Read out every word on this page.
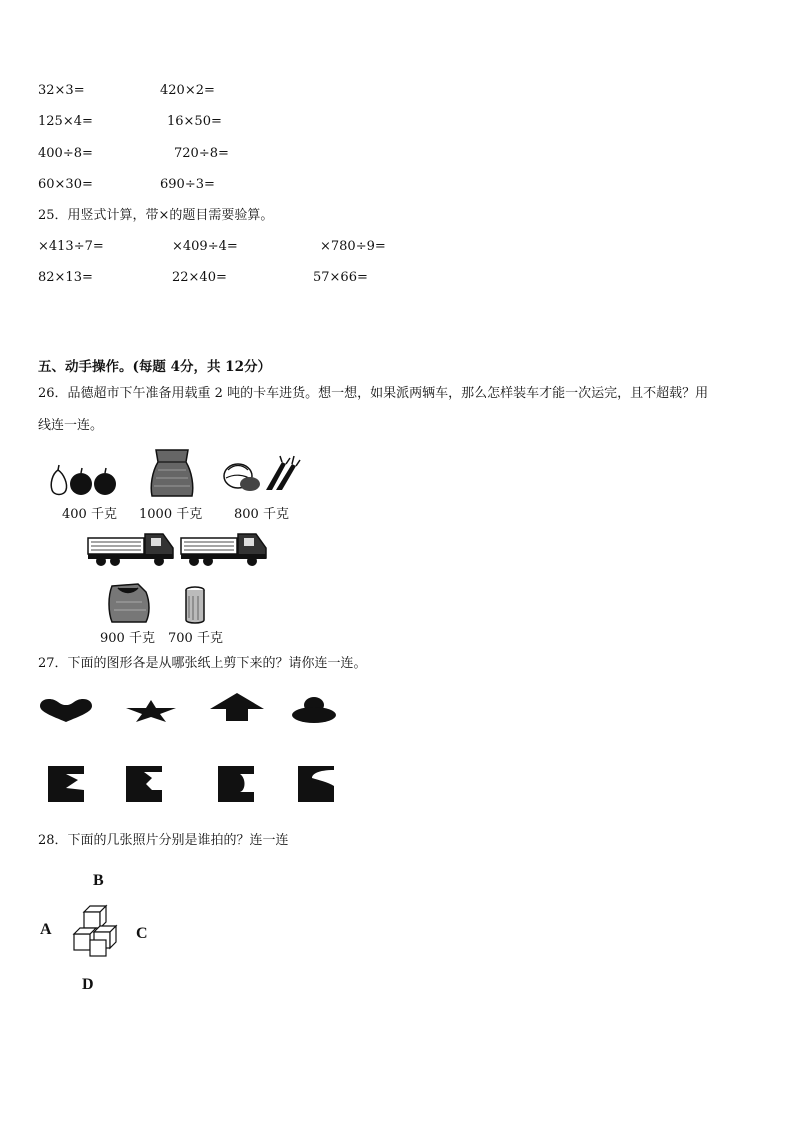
32×3=	420×2=
125×4=	16×50=
400÷8=	720÷8=
60×30=	690÷3=
25．用竖式计算，带×的题目需要验算。
×413÷7=	×409÷4=	×780÷9=
82×13=	22×40=	57×66=
五、动手操作。(每题 4分，共 12分）
26．品德超市下午准备用载重 2 吨的卡车进货。想一想，如果派两辆车，那么怎样装车才能一次运完，且不超载？用
线连一连。
400 千克 1000 千克 800 千克
900 千克 700 千克
27．下面的图形各是从哪张纸上剪下来的？请你连一连。
28．下面的几张照片分别是谁拍的？连一连
B
A	C
D
